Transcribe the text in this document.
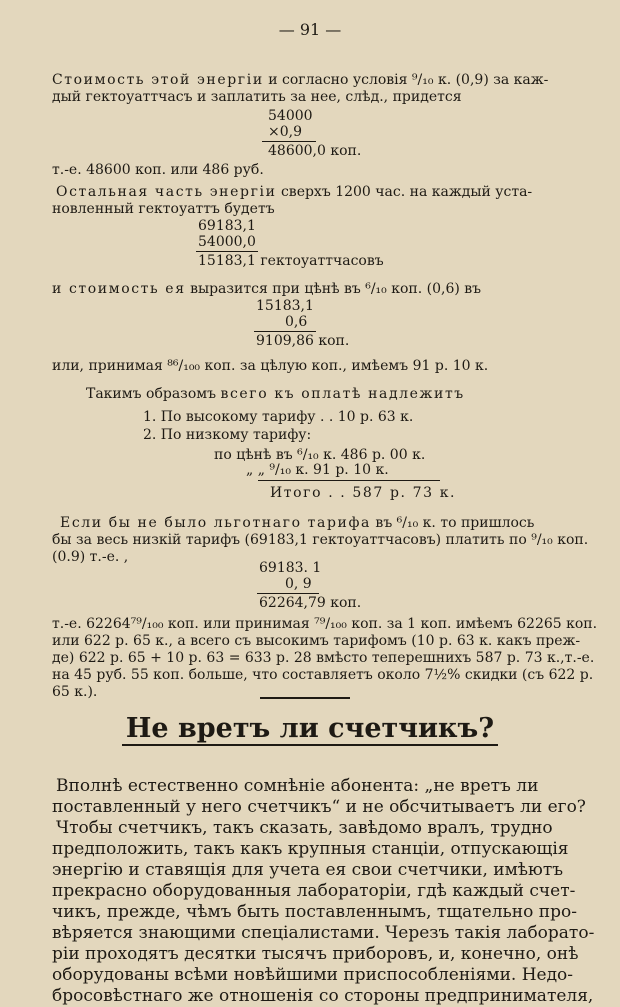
— 91 —
Стоимость этой энергіи и согласно условія ⁹/₁₀ к. (0,9) за каж-
дый гектоуаттчасъ и заплатить за нее, слѣд., придется
54000
×0,9
48600,0 коп.
т.-е. 48600 коп. или 486 руб.
Остальная часть энергіи сверхъ 1200 час. на каждый уста-
новленный гектоуаттъ будетъ
69183,1
54000,0
15183,1 гектоуаттчасовъ
и стоимость ея выразится при цѣнѣ въ ⁶/₁₀ коп. (0,6) въ
15183,1
0,6
9109,86 коп.
или, принимая ⁸⁶/₁₀₀ коп. за цѣлую коп., имѣемъ 91 р. 10 к.
Такимъ образомъ всего къ оплатѣ надлежитъ
1. По высокому тарифу . . 10 р. 63 к.
2. По низкому тарифу:
по цѣнѣ въ ⁶/₁₀ к. 486 р. 00 к.
„ „ ⁹/₁₀ к. 91 р. 10 к.
Итого . . 587 р. 73 к.
Если бы не было льготнаго тарифа въ ⁶/₁₀ к. то пришлось
бы за весь низкій тарифъ (69183,1 гектоуаттчасовъ) платить по ⁹/₁₀ коп.
(0.9) т.-е. ,
69183. 1
0, 9
62264,79 коп.
т.-е. 62264⁷⁹/₁₀₀ коп. или принимая ⁷⁹/₁₀₀ коп. за 1 коп. имѣемъ 62265 коп.
или 622 р. 65 к., а всего съ высокимъ тарифомъ (10 р. 63 к. какъ преж-
де) 622 р. 65 + 10 р. 63 = 633 р. 28 вмѣсто теперешнихъ 587 р. 73 к.,т.-е.
на 45 руб. 55 коп. больше, что составляетъ около 7½% скидки (съ 622 р.
65 к.).
Не вретъ ли счетчикъ?
Вполнѣ естественно сомнѣніе абонента: „не вретъ ли
поставленный у него счетчикъ“ и не обсчитываетъ ли его?
Чтобы счетчикъ, такъ сказать, завѣдомо вралъ, трудно
предположить, такъ какъ крупныя станціи, отпускающія
энергію и ставящія для учета ея свои счетчики, имѣютъ
прекрасно оборудованныя лабораторіи, гдѣ каждый счет-
чикъ, прежде, чѣмъ быть поставленнымъ, тщательно про-
вѣряется знающими спеціалистами. Черезъ такія лаборато-
ріи проходятъ десятки тысячъ приборовъ, и, конечно, онѣ
оборудованы всѣми новѣйшими приспособленіями. Недо-
бросовѣстнаго же отношенія со стороны предпринимателя,
